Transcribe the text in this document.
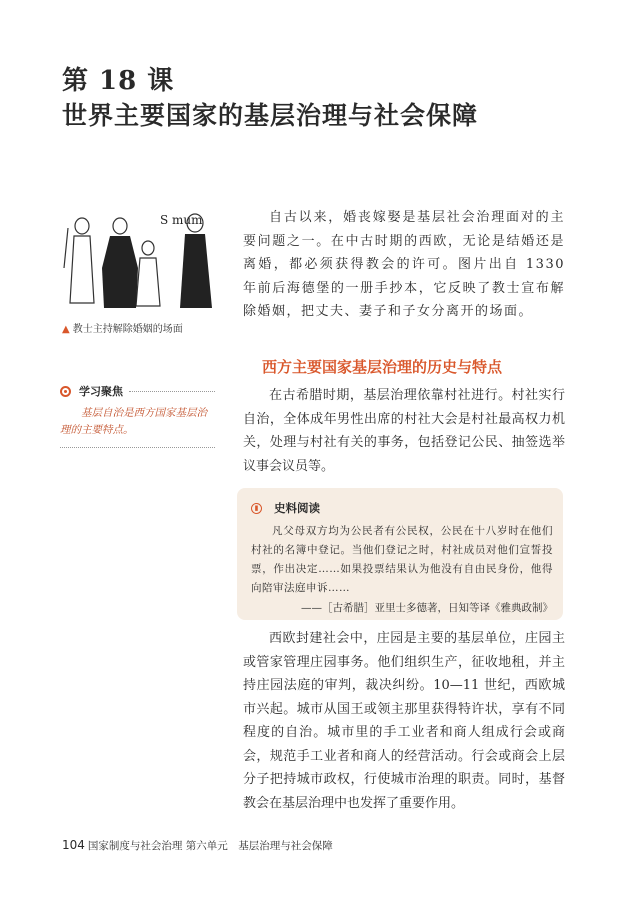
第 18 课
世界主要国家的基层治理与社会保障
S mum
▲ 教士主持解除婚姻的场面

自古以来，婚丧嫁娶是基层社会治理面对的主要问题之一。在中古时期的西欧，无论是结婚还是离婚，都必须获得教会的许可。图片出自 1330 年前后海德堡的一册手抄本，它反映了教士宣布解除婚姻，把丈夫、妻子和子女分离开的场面。

西方主要国家基层治理的历史与特点
学习聚焦
基层自治是西方国家基层治理的主要特点。

在古希腊时期，基层治理依靠村社进行。村社实行自治，全体成年男性出席的村社大会是村社最高权力机关，处理与村社有关的事务，包括登记公民、抽签选举议事会议员等。

▮	史料阅读
凡父母双方均为公民者有公民权，公民在十八岁时在他们村社的名簿中登记。当他们登记之时，村社成员对他们宣誓投票，作出决定……如果投票结果认为他没有自由民身份，他得向陪审法庭申诉……
——［古希腊］亚里士多德著，日知等译《雅典政制》

西欧封建社会中，庄园是主要的基层单位，庄园主或管家管理庄园事务。他们组织生产，征收地租，并主持庄园法庭的审判，裁决纠纷。10—11 世纪，西欧城市兴起。城市从国王或领主那里获得特许状，享有不同程度的自治。城市里的手工业者和商人组成行会或商会，规范手工业者和商人的经营活动。行会或商会上层分子把持城市政权，行使城市治理的职责。同时，基督教会在基层治理中也发挥了重要作用。

104 国家制度与社会治理 第六单元　基层治理与社会保障
